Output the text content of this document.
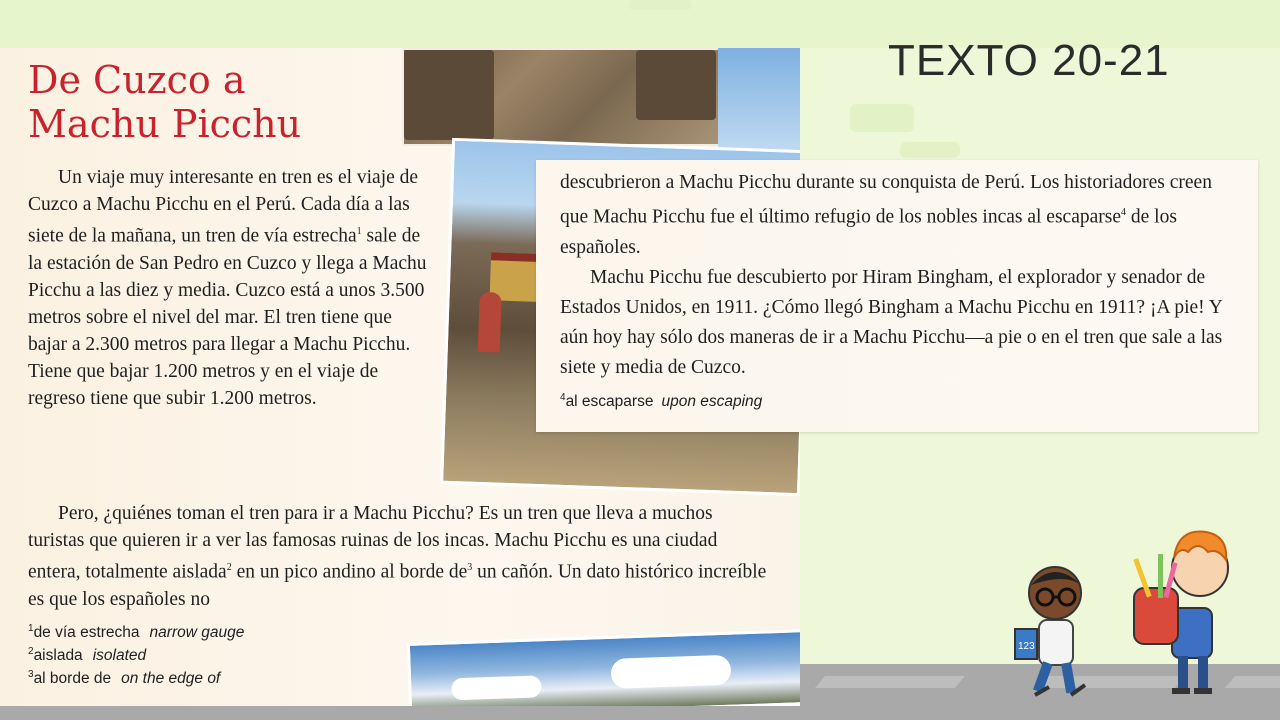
TEXTO 20-21
De Cuzco a
Machu Picchu

Un viaje muy interesante en tren es el viaje de Cuzco a Machu Picchu en el Perú. Cada día a las siete de la mañana, un tren de vía estrecha$^1$ sale de la estación de San Pedro en Cuzco y llega a Machu Picchu a las diez y media. Cuzco está a unos 3.500 metros sobre el nivel del mar. El tren tiene que bajar a 2.300 metros para llegar a Machu Picchu. Tiene que bajar 1.200 metros y en el viaje de regreso tiene que subir 1.200 metros.

Pero, ¿quiénes toman el tren para ir a Machu Picchu? Es un tren que lleva a muchos turistas que quieren ir a ver las famosas ruinas de los incas. Machu Picchu es una ciudad entera, totalmente aislada$^2$ en un pico andino al borde $de^3$ un cañón. Un dato histórico increíble es que los españoles no

$^1$de vía estrecha narrow gauge
$^2$aislada isolated
$^3$al borde de on the edge of

descubrieron a Machu Picchu durante su conquista de Perú. Los historiadores creen que Machu Picchu fue el último refugio de los nobles incas al escaparse$^4$ de los españoles.
Machu Picchu fue descubierto por Hiram Bingham, el explorador y senador de Estados Unidos, en 1911. ¿Cómo llegó Bingham a Machu Picchu en 1911? ¡A pie! Y aún hoy hay sólo dos maneras de ir a Machu Picchu—a pie o en el tren que sale a las siete y media de Cuzco.

$^4$al escaparse upon escaping
123
